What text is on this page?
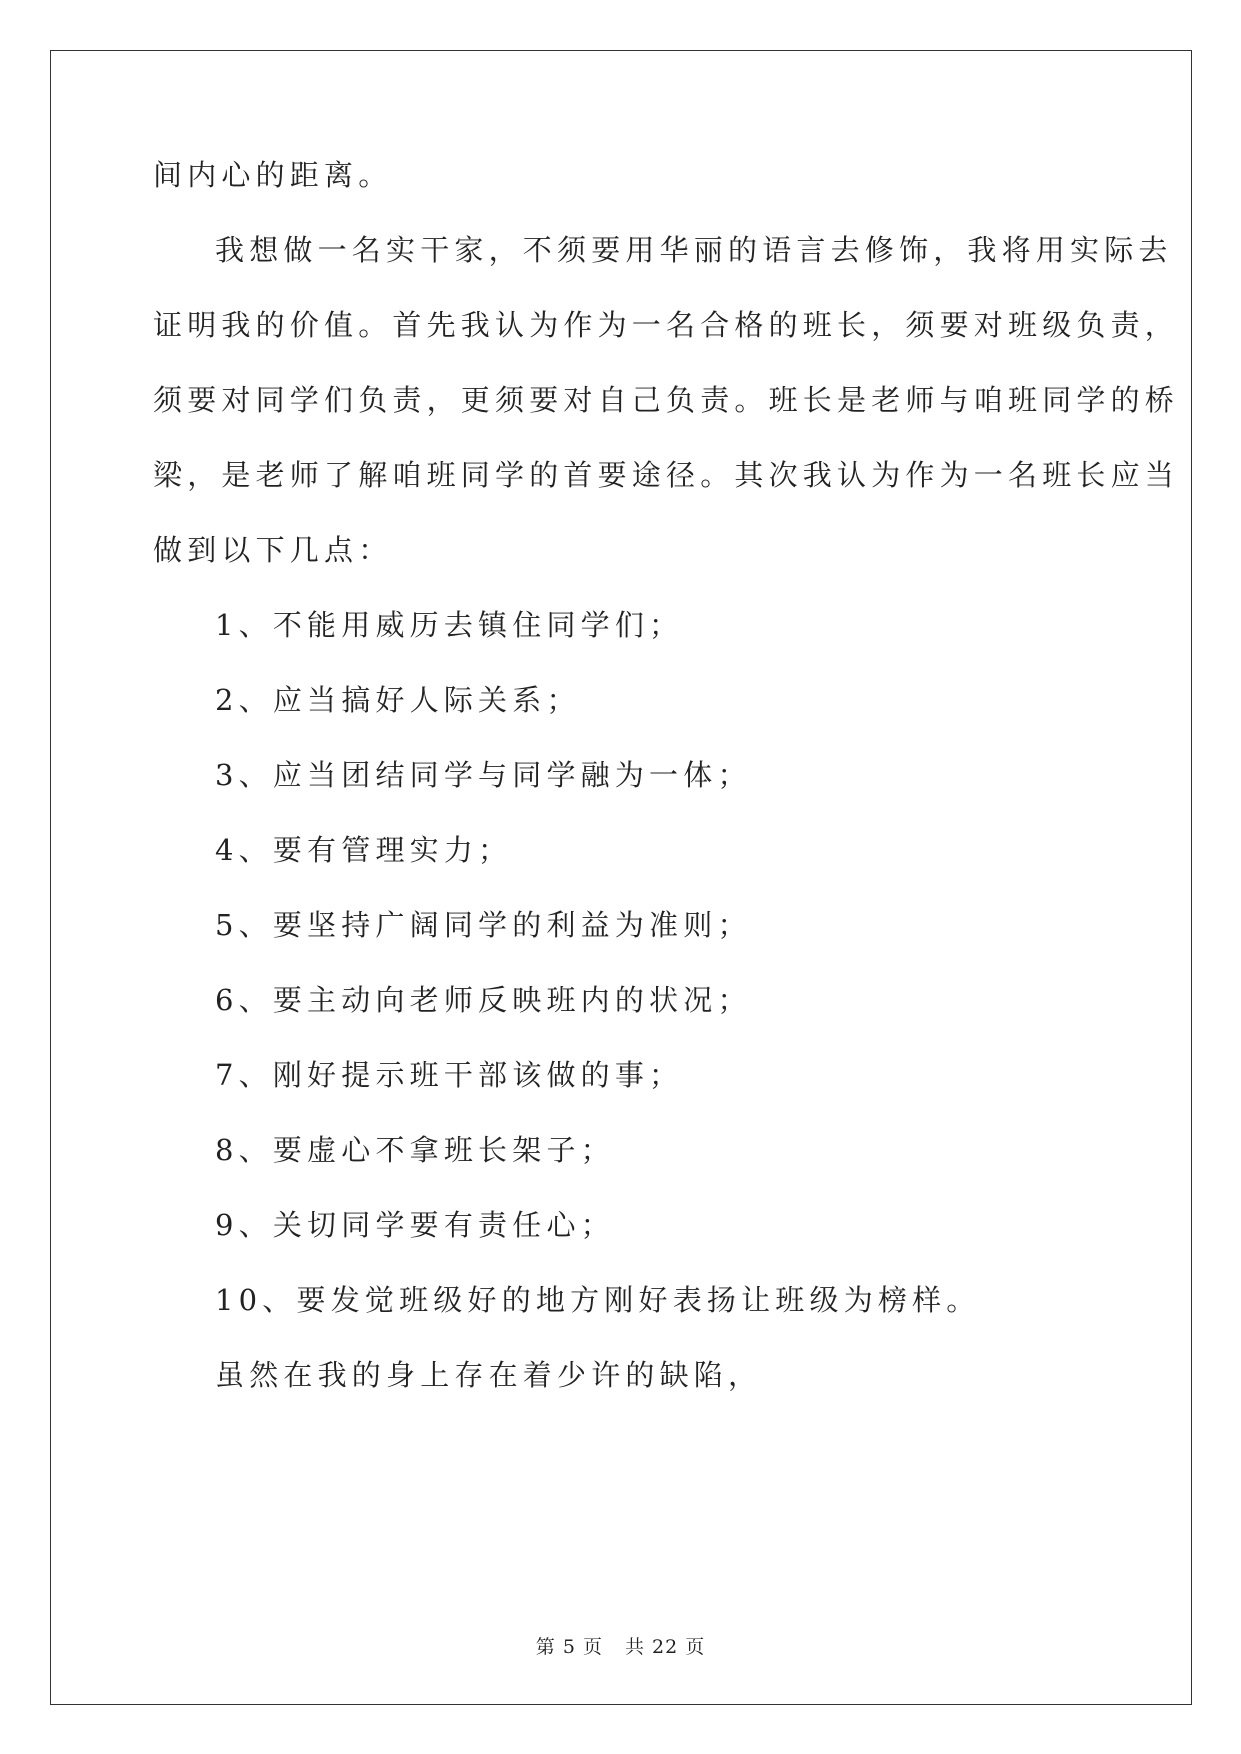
间内心的距离。
我想做一名实干家，不须要用华丽的语言去修饰，我将用实际去
证明我的价值。首先我认为作为一名合格的班长，须要对班级负责，
须要对同学们负责，更须要对自己负责。班长是老师与咱班同学的桥
梁，是老师了解咱班同学的首要途径。其次我认为作为一名班长应当
做到以下几点：
1、不能用威历去镇住同学们；
2、应当搞好人际关系；
3、应当团结同学与同学融为一体；
4、要有管理实力；
5、要坚持广阔同学的利益为准则；
6、要主动向老师反映班内的状况；
7、刚好提示班干部该做的事；
8、要虚心不拿班长架子；
9、关切同学要有责任心；
10、要发觉班级好的地方刚好表扬让班级为榜样。
虽然在我的身上存在着少许的缺陷，
第 5 页 共 22 页
